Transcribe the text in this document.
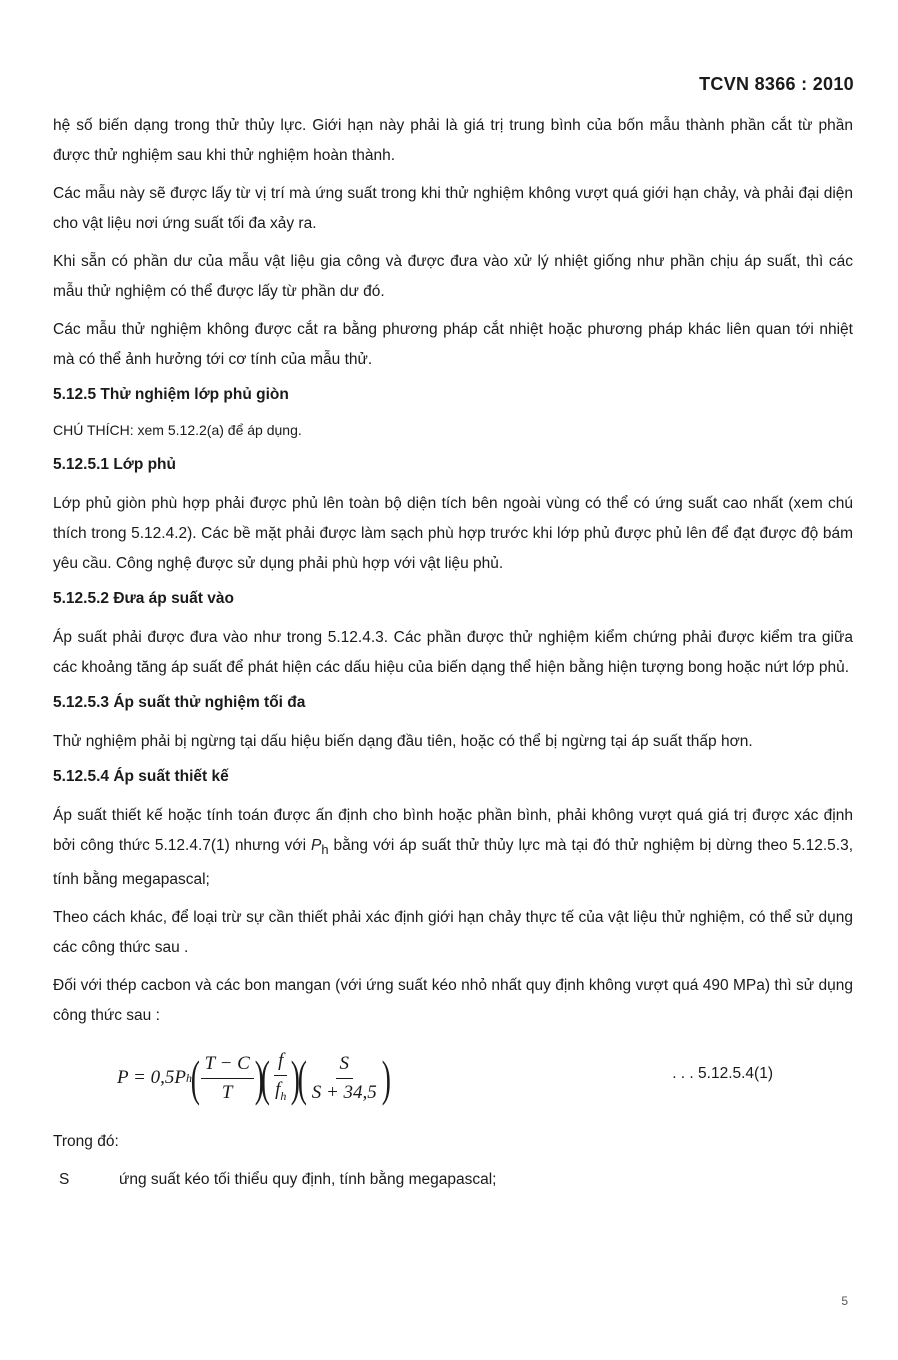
TCVN 8366 : 2010

hệ số biến dạng trong thử thủy lực. Giới hạn này phải là giá trị trung bình của bốn mẫu thành phần cắt từ phần được thử nghiệm sau khi thử nghiệm hoàn thành.

Các mẫu này sẽ được lấy từ vị trí mà ứng suất trong khi thử nghiệm không vượt quá giới hạn chảy, và phải đại diện cho vật liệu nơi ứng suất tối đa xảy ra.

Khi sẵn có phần dư của mẫu vật liệu gia công và được đưa vào xử lý nhiệt giống như phần chịu áp suất, thì các mẫu thử nghiệm có thể được lấy từ phần dư đó.

Các mẫu thử nghiệm không được cắt ra bằng phương pháp cắt nhiệt hoặc phương pháp khác liên quan tới nhiệt mà có thể ảnh hưởng tới cơ tính của mẫu thử.

5.12.5 Thử nghiệm lớp phủ giòn
CHÚ THÍCH: xem 5.12.2(a) để áp dụng.
5.12.5.1 Lớp phủ

Lớp phủ giòn phù hợp phải được phủ lên toàn bộ diện tích bên ngoài vùng có thể có ứng suất cao nhất (xem chú thích trong 5.12.4.2). Các bề mặt phải được làm sạch phù hợp trước khi lớp phủ được phủ lên để đạt được độ bám yêu cầu. Công nghệ được sử dụng phải phù hợp với vật liệu phủ.

5.12.5.2 Đưa áp suất vào

Áp suất phải được đưa vào như trong 5.12.4.3. Các phần được thử nghiệm kiểm chứng phải được kiểm tra giữa các khoảng tăng áp suất để phát hiện các dấu hiệu của biến dạng thể hiện bằng hiện tượng bong hoặc nứt lớp phủ.

5.12.5.3 Áp suất thử nghiệm tối đa

Thử nghiệm phải bị ngừng tại dấu hiệu biến dạng đầu tiên, hoặc có thể bị ngừng tại áp suất thấp hơn.

5.12.5.4 Áp suất thiết kế

Áp suất thiết kế hoặc tính toán được ấn định cho bình hoặc phần bình, phải không vượt quá giá trị được xác định bởi công thức 5.12.4.7(1) nhưng với $P_h$ bằng với áp suất thử thủy lực mà tại đó thử nghiệm bị dừng theo 5.12.5.3, tính bằng megapascal;

Theo cách khác, để loại trừ sự cần thiết phải xác định giới hạn chảy thực tế của vật liệu thử nghiệm, có thể sử dụng các công thức sau .

Đối với thép cacbon và các bon mangan (với ứng suất kéo nhỏ nhất quy định không vượt quá 490 MPa) thì sử dụng công thức sau :

P = 0,5P h
( $\frac{T - C}{T}$ )
( $\frac{f}{f_h}$ )
( $\frac{S}{S + 34,5}$ )	. . . 5.12.5.4(1)
Trong đó:
S	ứng suất kéo tối thiểu quy định, tính bằng megapascal;
5
